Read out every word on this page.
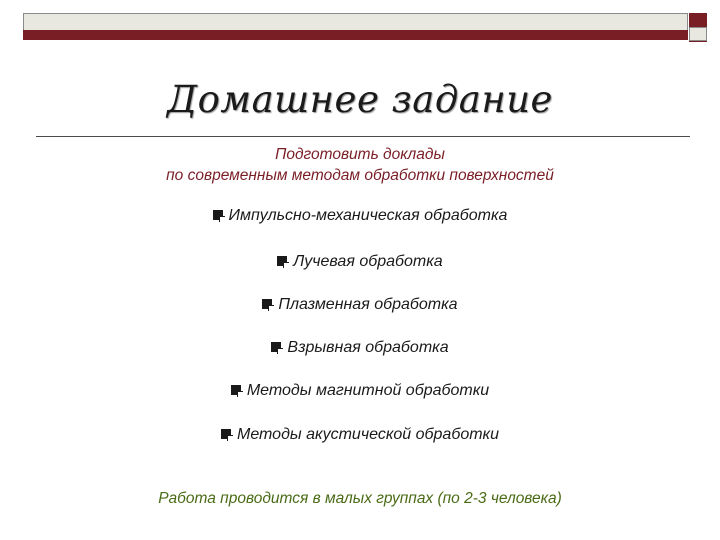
Домашнее задание
Подготовить доклады
по современным методам обработки поверхностей
Импульсно-механическая обработка
Лучевая обработка
Плазменная обработка
Взрывная обработка
Методы магнитной обработки
Методы акустической обработки
Работа проводится в малых группах (по 2-3 человека)
